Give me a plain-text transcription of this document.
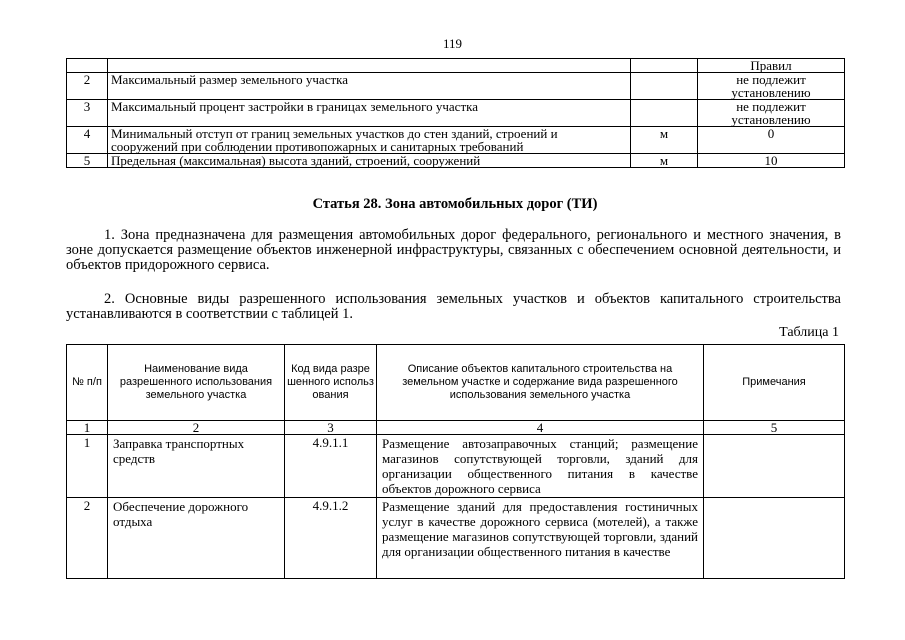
119
			Правил
2	Максимальный размер земельного участка		не подлежит установлению
3	Максимальный процент застройки в границах земельного участка		не подлежит установлению
4	Минимальный отступ от границ земельных участков до стен зданий, строений и сооружений при соблюдении противопожарных и санитарных требований	м	0
5	Предельная (максимальная) высота зданий, строений, сооружений	м	10
Статья 28. Зона автомобильных дорог (ТИ)

1. Зона предназначена для размещения автомобильных дорог федерального, регионального и местного значения, в зоне допускается размещение объектов инженерной инфраструктуры, связанных с обеспечением основной деятельности, и объектов придорожного сервиса.

2. Основные виды разрешенного использования земельных участков и объектов капитального строительства устанавливаются в соответствии с таблицей 1.

Таблица 1
№ п/п	Наименование вида разрешенного использования земельного участка	Код вида разрешенного использования	Описание объектов капитального строительства на земельном участке и содержание вида разрешенного использования земельного участка	Примечания
1	2	3	4	5
1	Заправка транспортных средств	4.9.1.1	Размещение автозаправочных станций; размещение магазинов сопутствующей торговли, зданий для организации общественного питания в качестве объектов дорожного сервиса	
2	Обеспечение дорожного отдыха	4.9.1.2	Размещение зданий для предоставления гостиничных услуг в качестве дорожного сервиса (мотелей), а также размещение магазинов сопутствующей торговли, зданий для организации общественного питания в качестве	
